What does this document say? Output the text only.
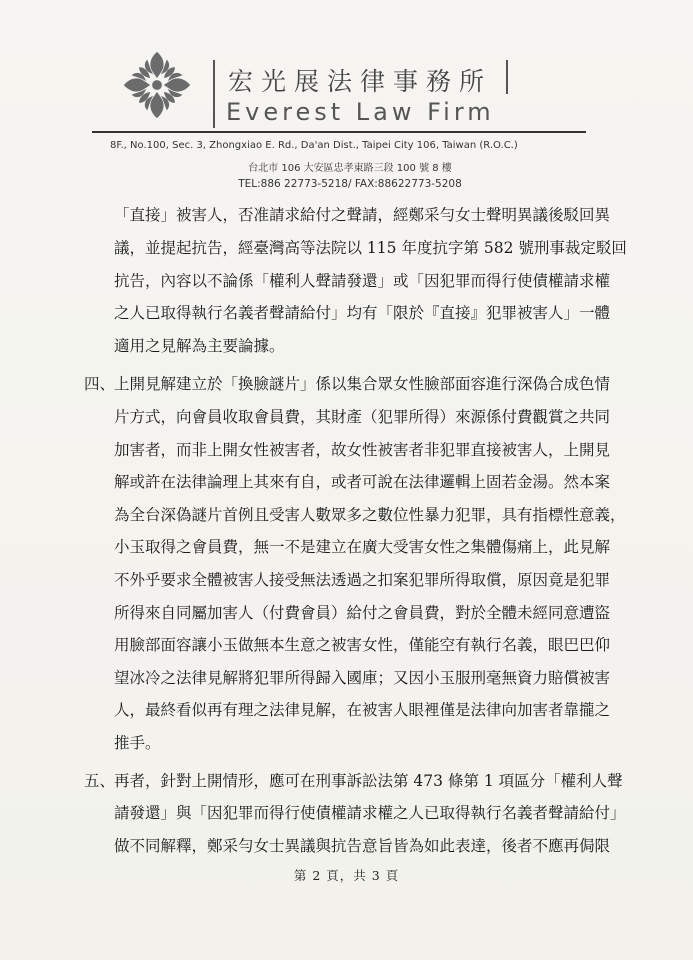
宏光展法律事務所
Everest Law Firm
8F., No.100, Sec. 3, Zhongxiao E. Rd., Da'an Dist., Taipei City 106, Taiwan (R.O.C.)
台北市 106 大安區忠孝東路三段 100 號 8 樓
TEL:886 22773-5218/ FAX:88622773-5208
「直接」被害人，否准請求給付之聲請，經鄭采勻女士聲明異議後駁回異
議，並提起抗告，經臺灣高等法院以 115 年度抗字第 582 號刑事裁定駁回
抗告，內容以不論係「權利人聲請發還」或「因犯罪而得行使債權請求權
之人已取得執行名義者聲請給付」均有「限於『直接』犯罪被害人」一體
適用之見解為主要論據。
四、
上開見解建立於「換臉謎片」係以集合眾女性臉部面容進行深偽合成色情
片方式，向會員收取會員費，其財產（犯罪所得）來源係付費觀賞之共同
加害者，而非上開女性被害者，故女性被害者非犯罪直接被害人，上開見
解或許在法律論理上其來有自，或者可說在法律邏輯上固若金湯。然本案
為全台深偽謎片首例且受害人數眾多之數位性暴力犯罪，具有指標性意義，
小玉取得之會員費，無一不是建立在廣大受害女性之集體傷痛上，此見解
不外乎要求全體被害人接受無法透過之扣案犯罪所得取償，原因竟是犯罪
所得來自同屬加害人（付費會員）給付之會員費，對於全體未經同意遭盜
用臉部面容讓小玉做無本生意之被害女性，僅能空有執行名義，眼巴巴仰
望冰冷之法律見解將犯罪所得歸入國庫；又因小玉服刑毫無資力賠償被害
人，最終看似再有理之法律見解，在被害人眼裡僅是法律向加害者靠攏之
推手。
五、
再者，針對上開情形，應可在刑事訴訟法第 473 條第 1 項區分「權利人聲
請發還」與「因犯罪而得行使債權請求權之人已取得執行名義者聲請給付」
做不同解釋，鄭采勻女士異議與抗告意旨皆為如此表達，後者不應再侷限
第 2 頁，共 3 頁
